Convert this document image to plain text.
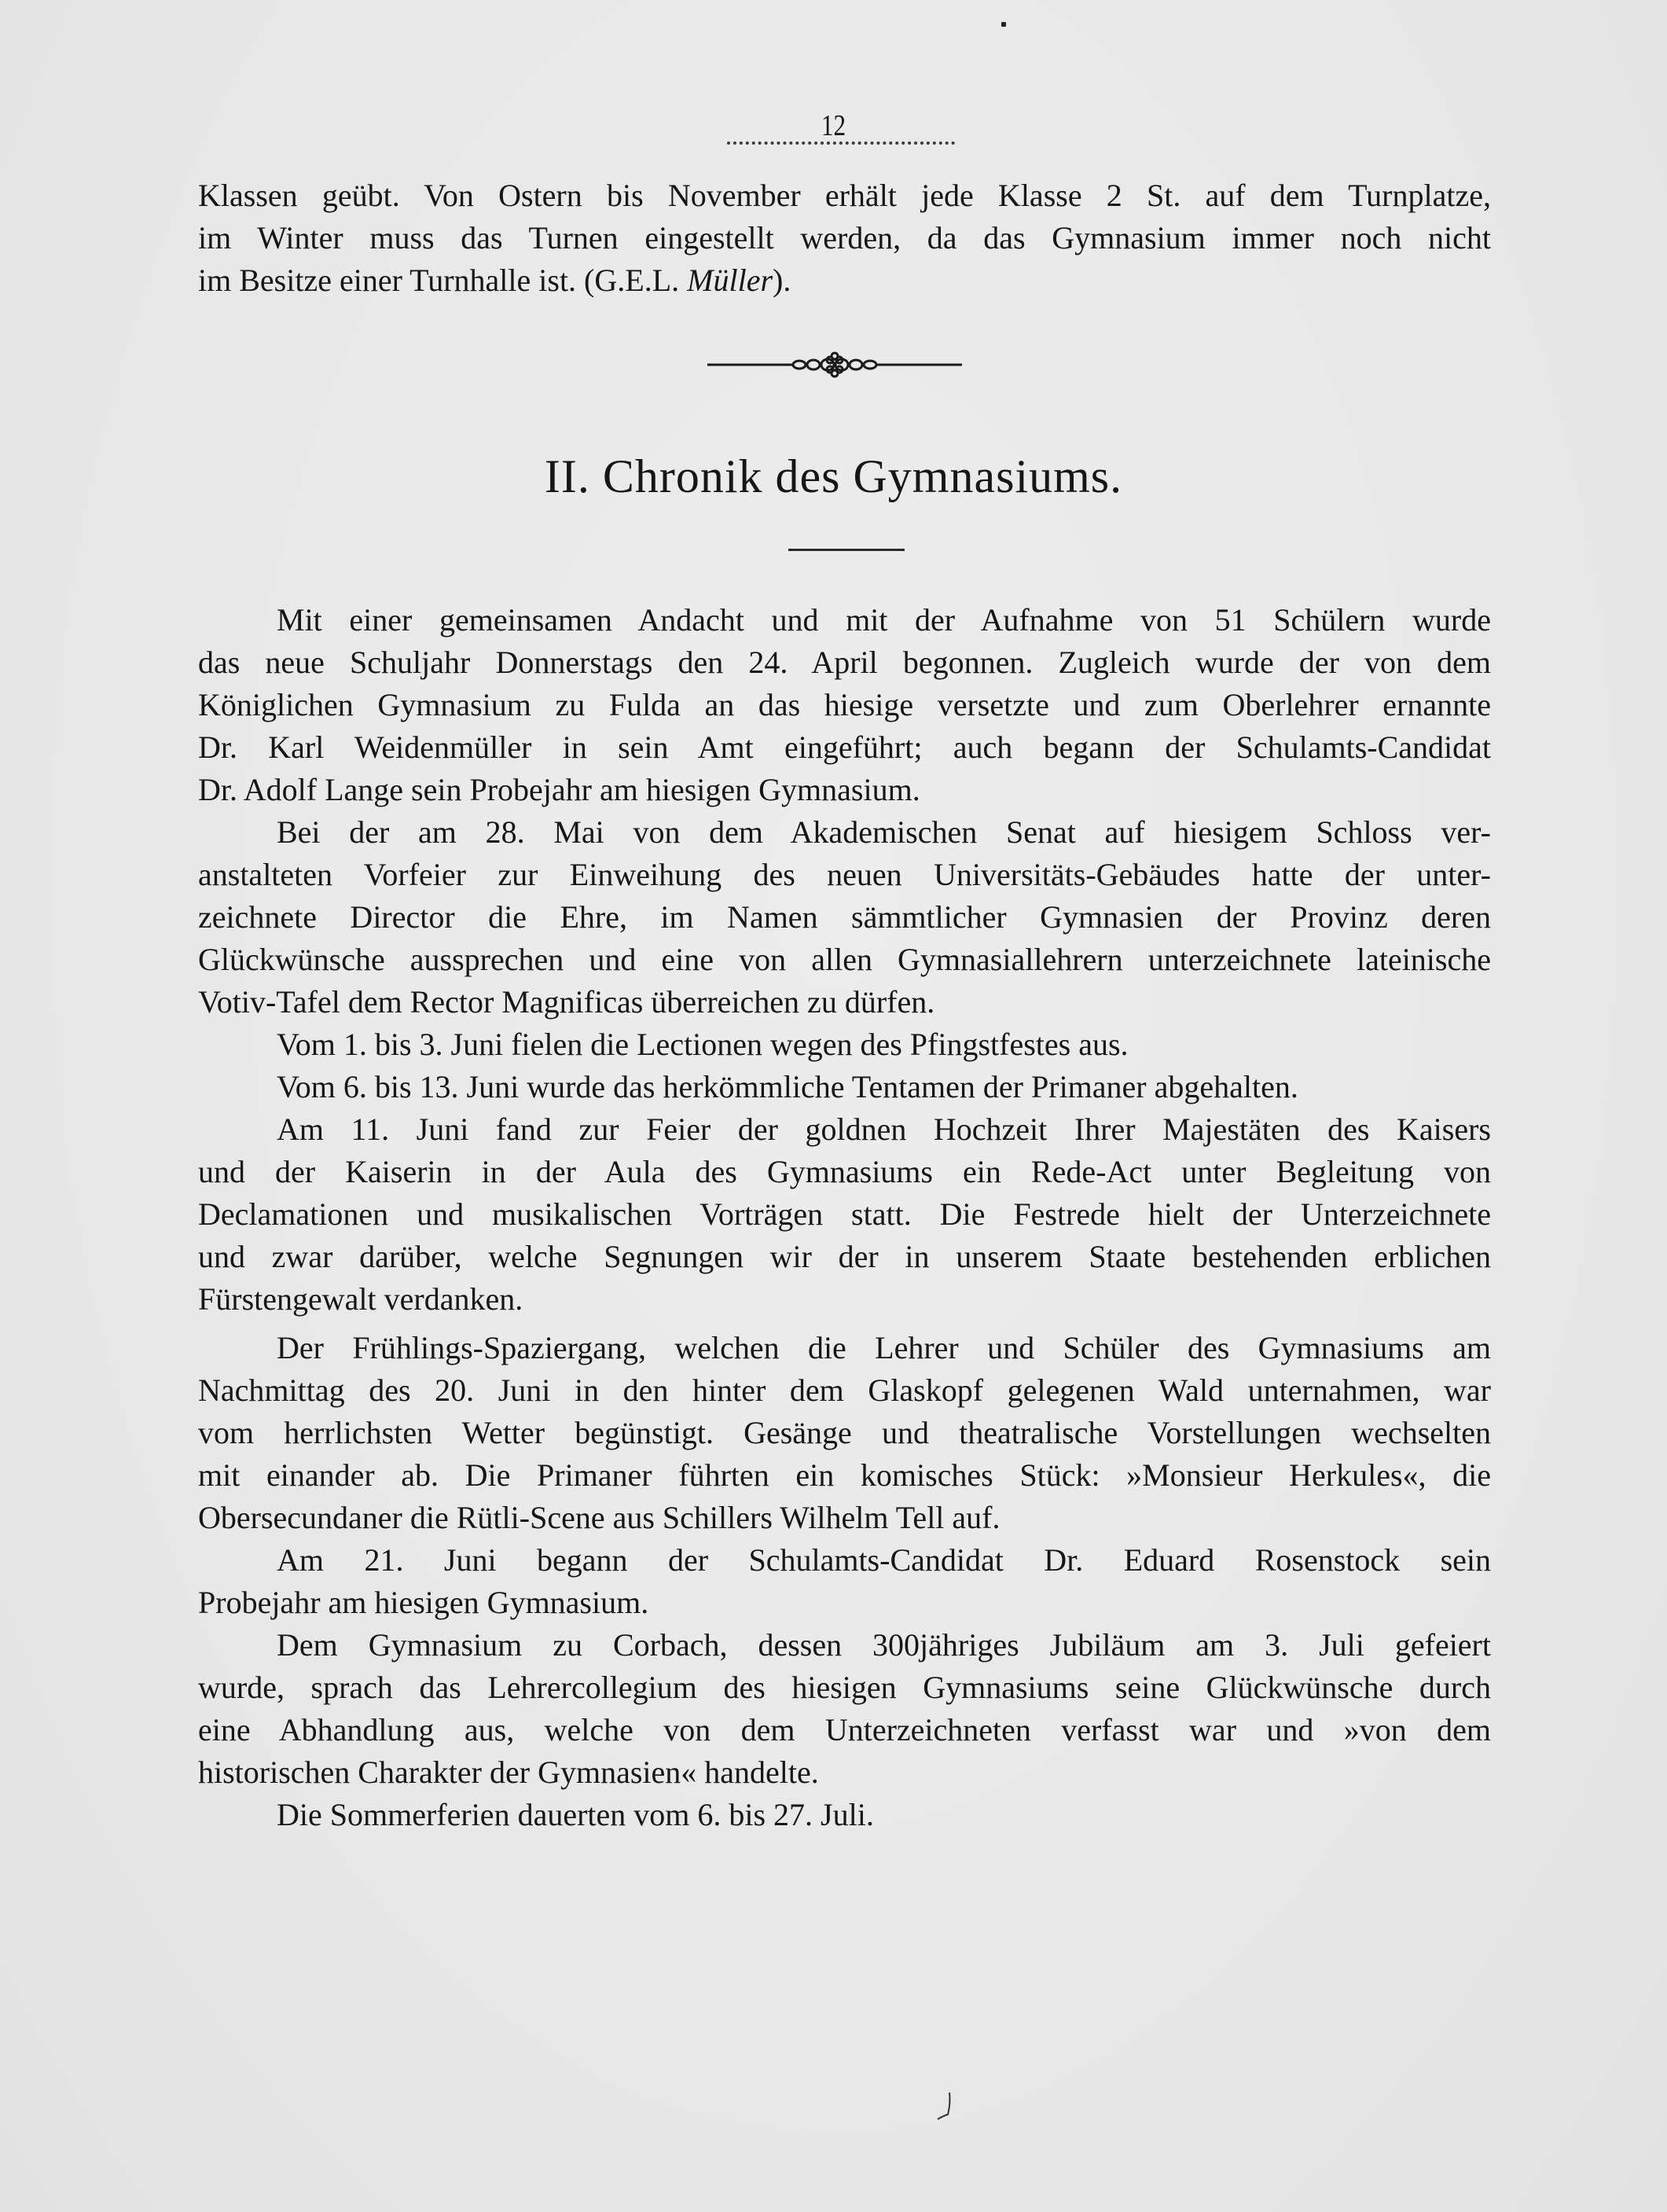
12
Klassen geübt. Von Ostern bis November erhält jede Klasse 2 St. auf dem Turnplatze,
im Winter muss das Turnen eingestellt werden, da das Gymnasium immer noch nicht
im Besitze einer Turnhalle ist. (G.E.L. Müller).
II. Chronik des Gymnasiums.
Mit einer gemeinsamen Andacht und mit der Aufnahme von 51 Schülern wurde
das neue Schuljahr Donnerstags den 24. April begonnen. Zugleich wurde der von dem
Königlichen Gymnasium zu Fulda an das hiesige versetzte und zum Oberlehrer ernannte
Dr. Karl Weidenmüller in sein Amt eingeführt; auch begann der Schulamts-Candidat
Dr. Adolf Lange sein Probejahr am hiesigen Gymnasium.
Bei der am 28. Mai von dem Akademischen Senat auf hiesigem Schloss ver-
anstalteten Vorfeier zur Einweihung des neuen Universitäts-Gebäudes hatte der unter-
zeichnete Director die Ehre, im Namen sämmtlicher Gymnasien der Provinz deren
Glückwünsche aussprechen und eine von allen Gymnasiallehrern unterzeichnete lateinische
Votiv-Tafel dem Rector Magnificas überreichen zu dürfen.
Vom 1. bis 3. Juni fielen die Lectionen wegen des Pfingstfestes aus.
Vom 6. bis 13. Juni wurde das herkömmliche Tentamen der Primaner abgehalten.
Am 11. Juni fand zur Feier der goldnen Hochzeit Ihrer Majestäten des Kaisers
und der Kaiserin in der Aula des Gymnasiums ein Rede-Act unter Begleitung von
Declamationen und musikalischen Vorträgen statt. Die Festrede hielt der Unterzeichnete
und zwar darüber, welche Segnungen wir der in unserem Staate bestehenden erblichen
Fürstengewalt verdanken.
Der Frühlings-Spaziergang, welchen die Lehrer und Schüler des Gymnasiums am
Nachmittag des 20. Juni in den hinter dem Glaskopf gelegenen Wald unternahmen, war
vom herrlichsten Wetter begünstigt. Gesänge und theatralische Vorstellungen wechselten
mit einander ab. Die Primaner führten ein komisches Stück: »Monsieur Herkules«, die
Obersecundaner die Rütli-Scene aus Schillers Wilhelm Tell auf.
Am 21. Juni begann der Schulamts-Candidat Dr. Eduard Rosenstock sein
Probejahr am hiesigen Gymnasium.
Dem Gymnasium zu Corbach, dessen 300jähriges Jubiläum am 3. Juli gefeiert
wurde, sprach das Lehrercollegium des hiesigen Gymnasiums seine Glückwünsche durch
eine Abhandlung aus, welche von dem Unterzeichneten verfasst war und »von dem
historischen Charakter der Gymnasien« handelte.
Die Sommerferien dauerten vom 6. bis 27. Juli.
